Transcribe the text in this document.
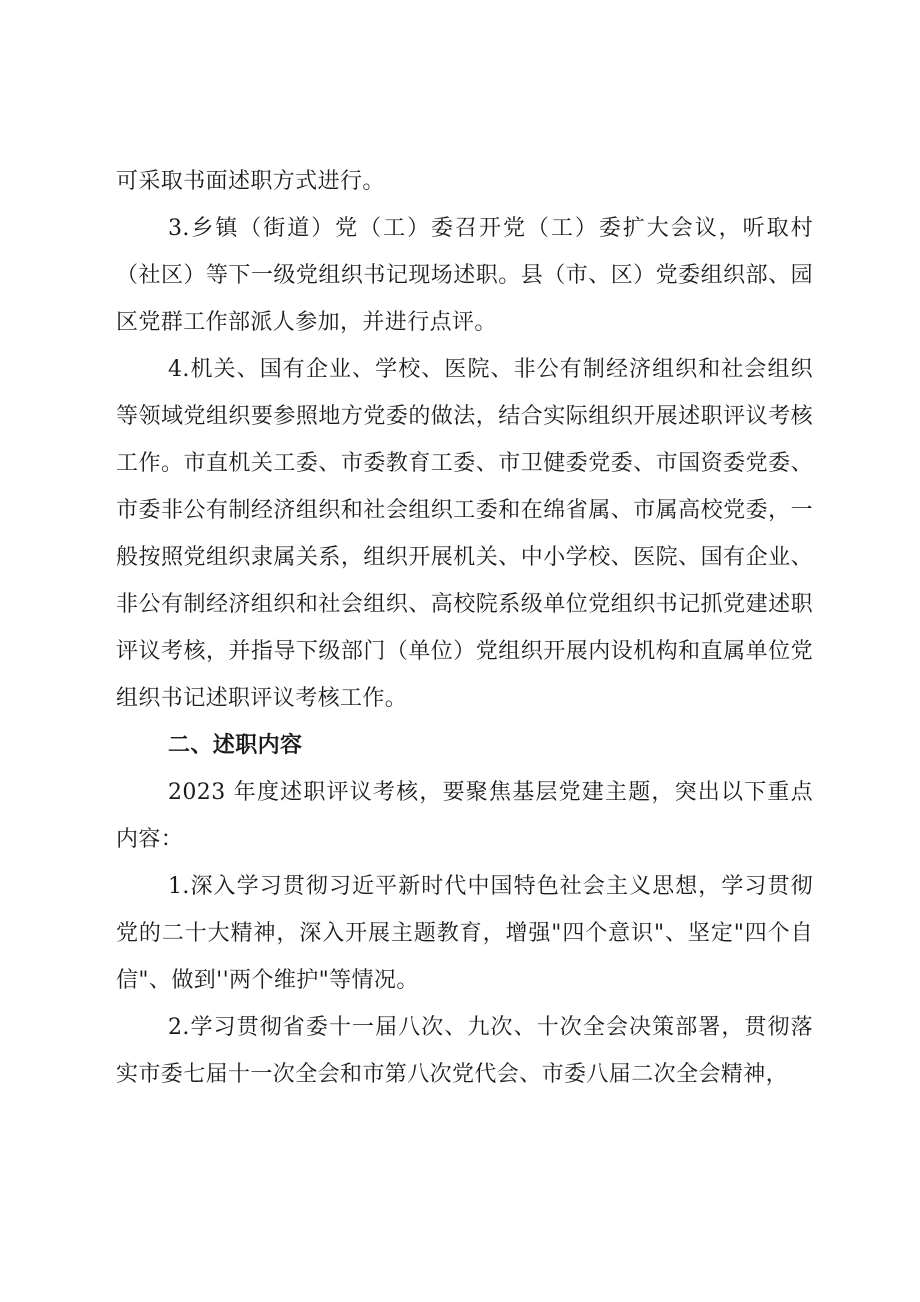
可采取书面述职方式进行。

3.乡镇（街道）党（工）委召开党（工）委扩大会议，听取村（社区）等下一级党组织书记现场述职。县（市、区）党委组织部、园区党群工作部派人参加，并进行点评。

4.机关、国有企业、学校、医院、非公有制经济组织和社会组织等领域党组织要参照地方党委的做法，结合实际组织开展述职评议考核工作。市直机关工委、市委教育工委、市卫健委党委、市国资委党委、市委非公有制经济组织和社会组织工委和在绵省属、市属高校党委，一般按照党组织隶属关系，组织开展机关、中小学校、医院、国有企业、非公有制经济组织和社会组织、高校院系级单位党组织书记抓党建述职评议考核，并指导下级部门（单位）党组织开展内设机构和直属单位党组织书记述职评议考核工作。

二、述职内容

2023 年度述职评议考核，要聚焦基层党建主题，突出以下重点内容：

1.深入学习贯彻习近平新时代中国特色社会主义思想，学习贯彻党的二十大精神，深入开展主题教育，增强"四个意识"、坚定"四个自信"、做到''两个维护"等情况。

2.学习贯彻省委十一届八次、九次、十次全会决策部署，贯彻落实市委七届十一次全会和市第八次党代会、市委八届二次全会精神，
